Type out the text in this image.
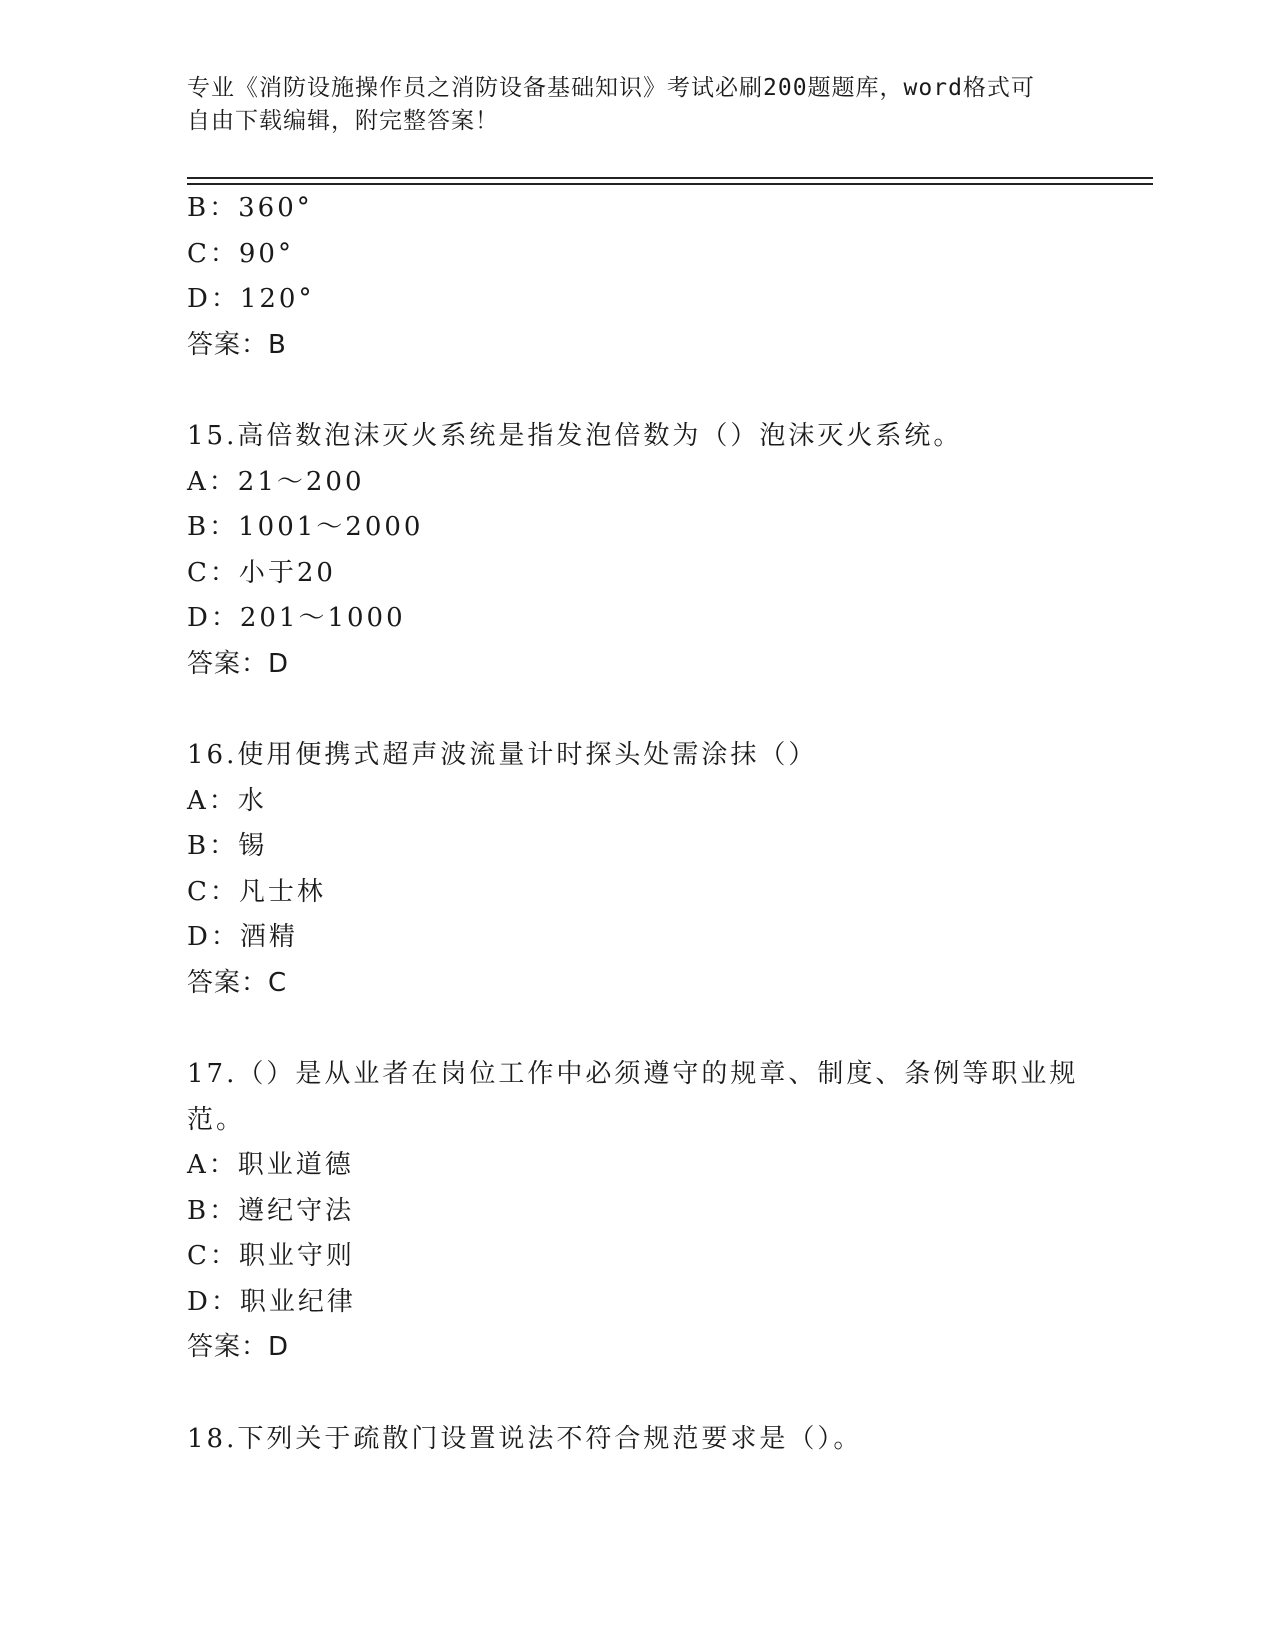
专业《消防设施操作员之消防设备基础知识》考试必刷200题题库，word格式可
自由下载编辑，附完整答案！
B：360°
C：90°
D：120°
答案：B
15.高倍数泡沫灭火系统是指发泡倍数为（）泡沫灭火系统。
A：21～200
B：1001～2000
C：小于20
D：201～1000
答案：D
16.使用便携式超声波流量计时探头处需涂抹（）
A：水
B：锡
C：凡士林
D：酒精
答案：C
17.（）是从业者在岗位工作中必须遵守的规章、制度、条例等职业规
范。
A：职业道德
B：遵纪守法
C：职业守则
D：职业纪律
答案：D
18.下列关于疏散门设置说法不符合规范要求是（）。
